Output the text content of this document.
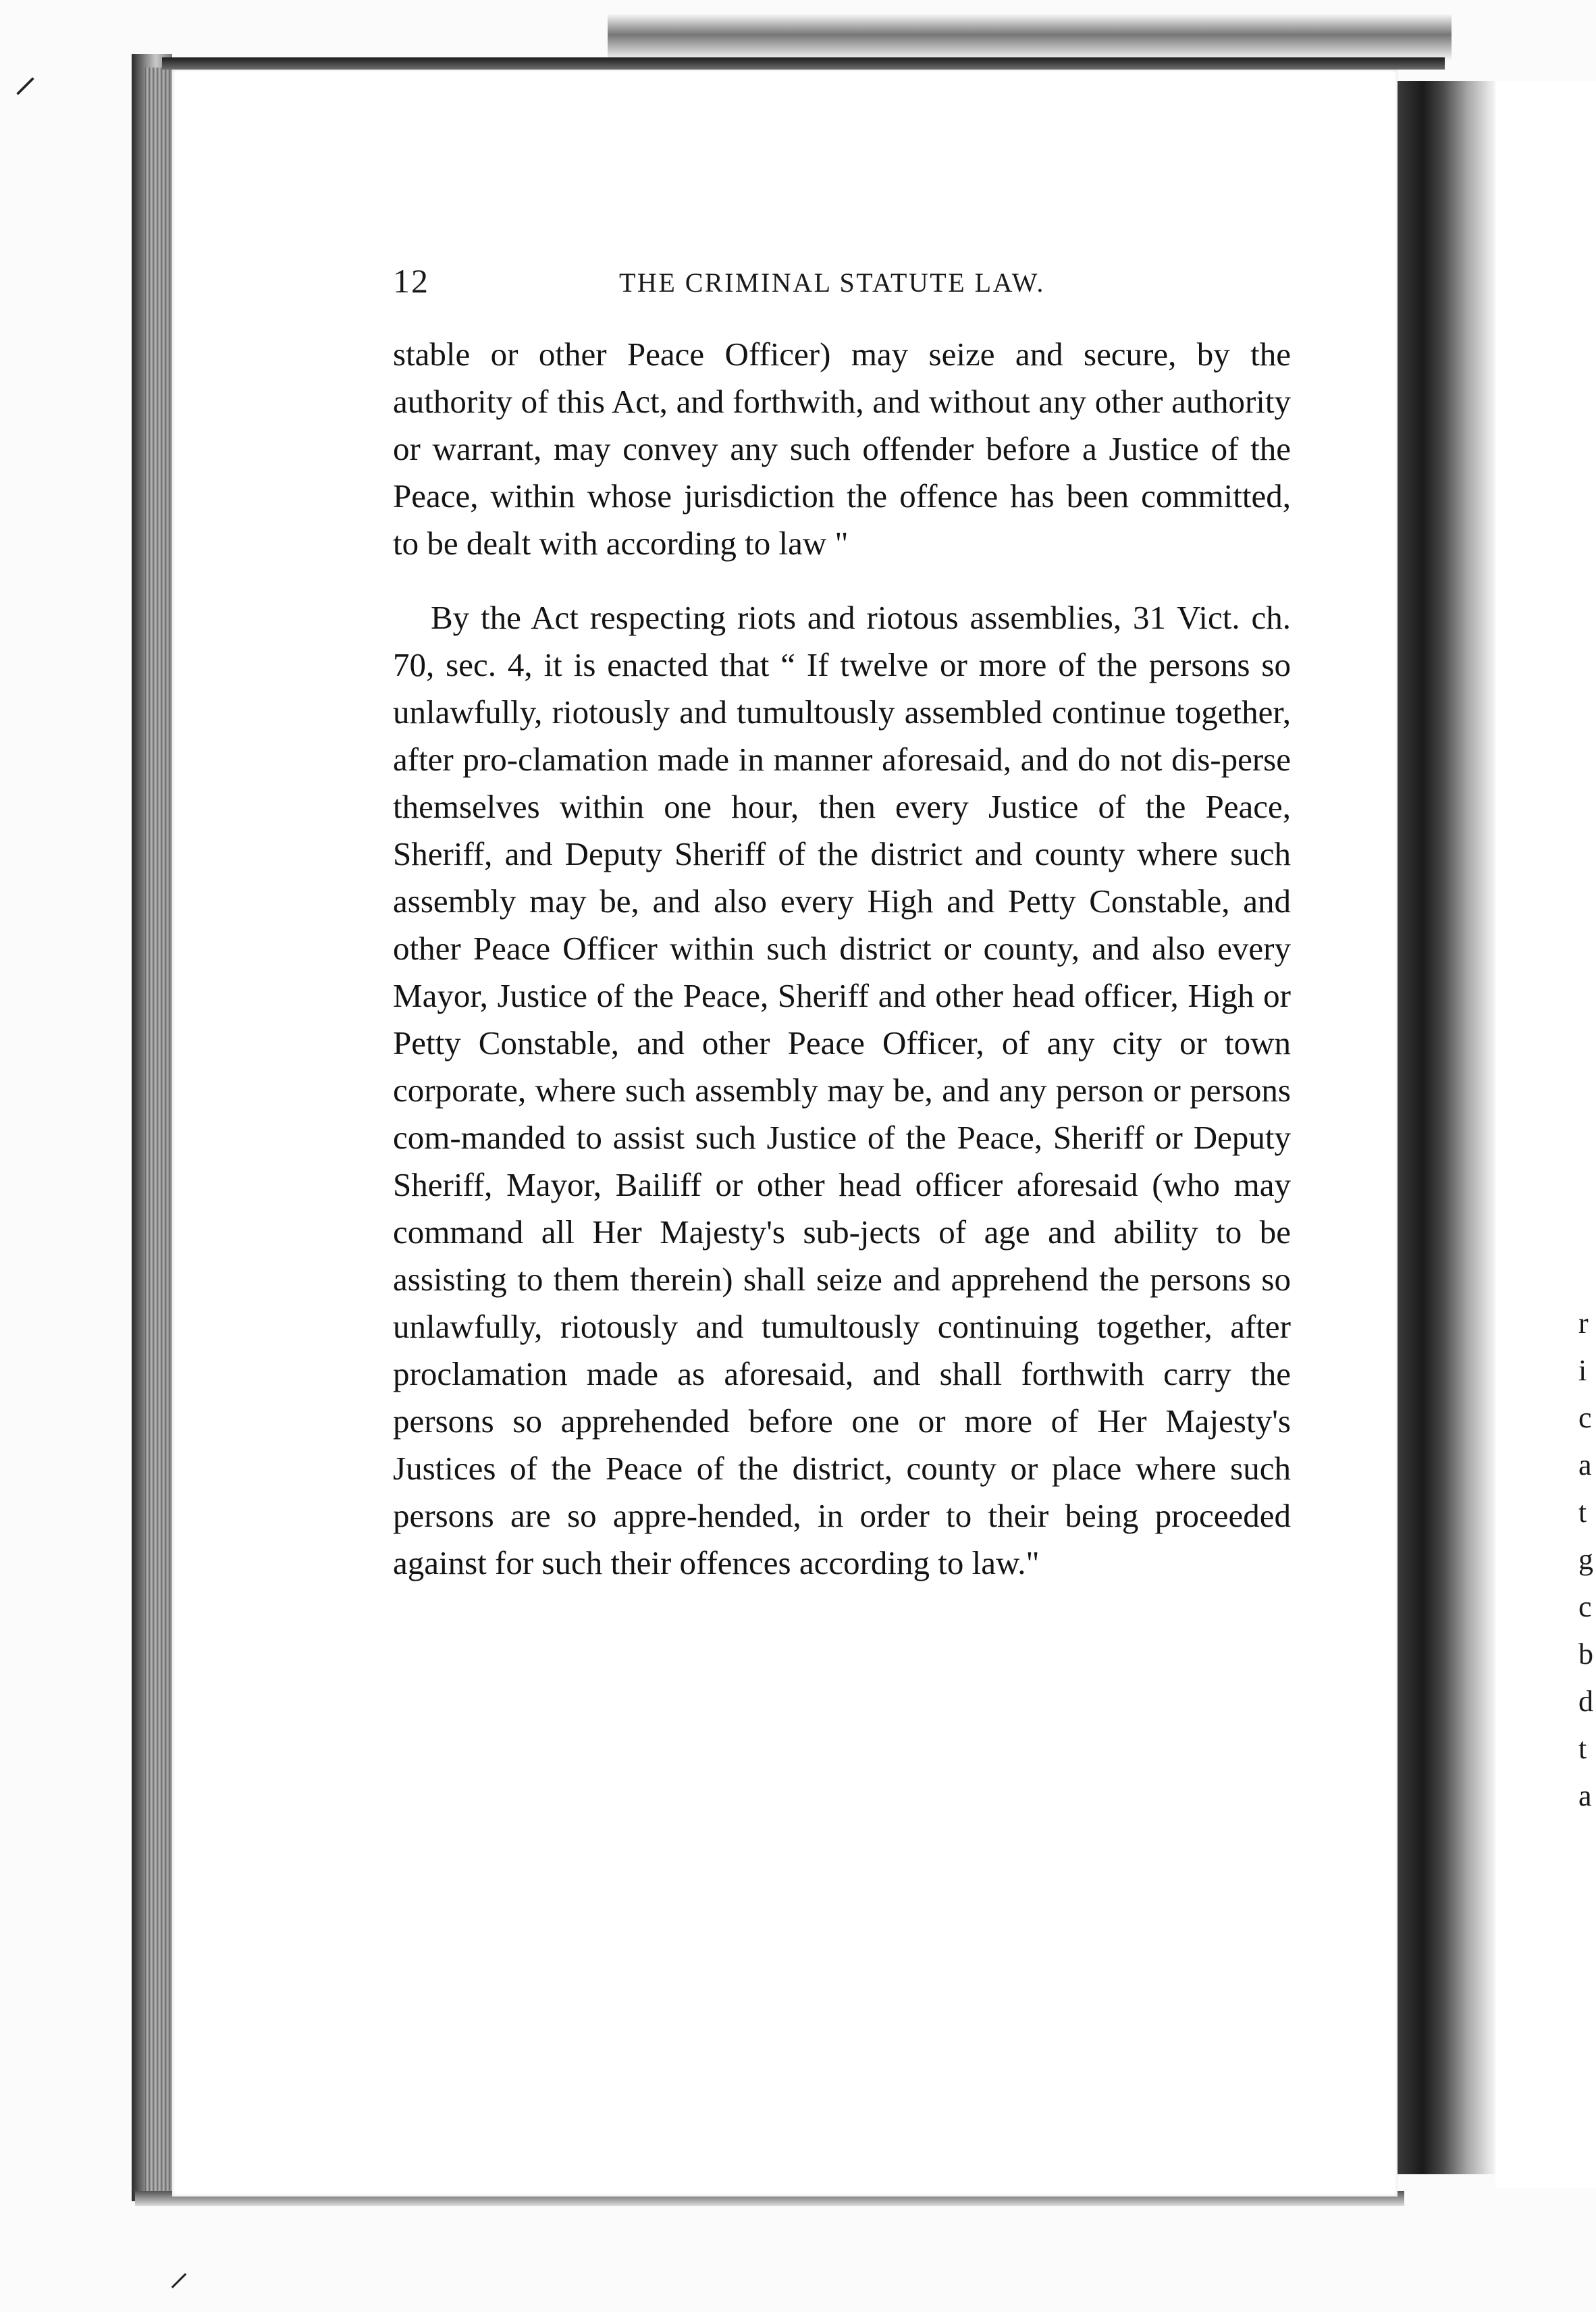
⸝
⸝
12	THE CRIMINAL STATUTE LAW.

stable or other Peace Officer) may seize and secure, by the authority of this Act, and forthwith, and without any other authority or warrant, may convey any such offender before a Justice of the Peace, within whose jurisdiction the offence has been committed, to be dealt with according to law "

By the Act respecting riots and riotous assemblies, 31 Vict. ch. 70, sec. 4, it is enacted that “ If twelve or more of the persons so unlawfully, riotously and tumultously assembled continue together, after pro-clamation made in manner aforesaid, and do not dis-perse themselves within one hour, then every Justice of the Peace, Sheriff, and Deputy Sheriff of the district and county where such assembly may be, and also every High and Petty Constable, and other Peace Officer within such district or county, and also every Mayor, Justice of the Peace, Sheriff and other head officer, High or Petty Constable, and other Peace Officer, of any city or town corporate, where such assembly may be, and any person or persons com-manded to assist such Justice of the Peace, Sheriff or Deputy Sheriff, Mayor, Bailiff or other head officer aforesaid (who may command all Her Majesty's sub-jects of age and ability to be assisting to them therein) shall seize and apprehend the persons so unlawfully, riotously and tumultously continuing together, after proclamation made as aforesaid, and shall forthwith carry the persons so apprehended before one or more of Her Majesty's Justices of the Peace of the district, county or place where such persons are so appre-hended, in order to their being proceeded against for such their offences according to law."

r
i
c
a
t
g
c
b
d
t
a
